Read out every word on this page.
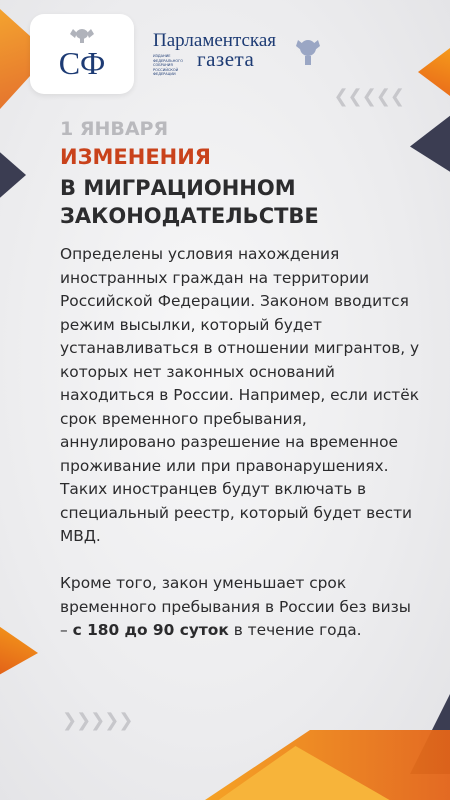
❮❮❮❮❮
❯❯❯❯❯
СФ
Парламентская
ИЗДАНИЕ ФЕДЕРАЛЬНОГО СОБРАНИЯ РОССИЙСКОЙ ФЕДЕРАЦИИ
газета
1 ЯНВАРЯ
ИЗМЕНЕНИЯ
В МИГРАЦИОННОМ
ЗАКОНОДАТЕЛЬСТВЕ

Определены условия нахождения иностранных граждан на территории Российской Федерации. Законом вводится режим высылки, который будет устанавливаться в отношении мигрантов, у которых нет законных оснований находиться в России. Например, если истёк срок временного пребывания, аннулировано разрешение на временное проживание или при правонарушениях. Таких иностранцев будут включать в специальный реестр, который будет вести МВД.

Кроме того, закон уменьшает срок временного пребывания в России без визы – с 180 до 90 суток в течение года.
